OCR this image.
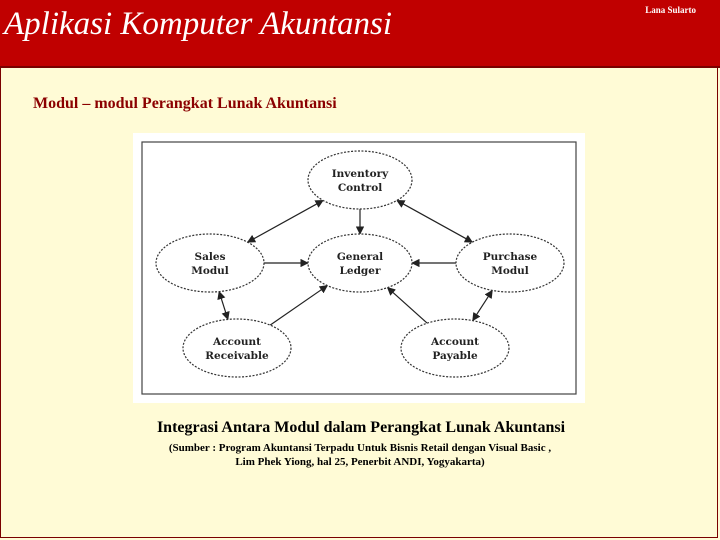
Aplikasi Komputer Akuntansi	Lana Sularto
Modul – modul Perangkat Lunak Akuntansi
Inventory
Control
Sales
Modul
General
Ledger
Purchase
Modul
Account
Receivable
Account
Payable
Integrasi Antara Modul dalam Perangkat Lunak Akuntansi
(Sumber : Program Akuntansi Terpadu Untuk Bisnis Retail dengan Visual Basic ,
Lim Phek Yiong, hal 25, Penerbit ANDI, Yogyakarta)
